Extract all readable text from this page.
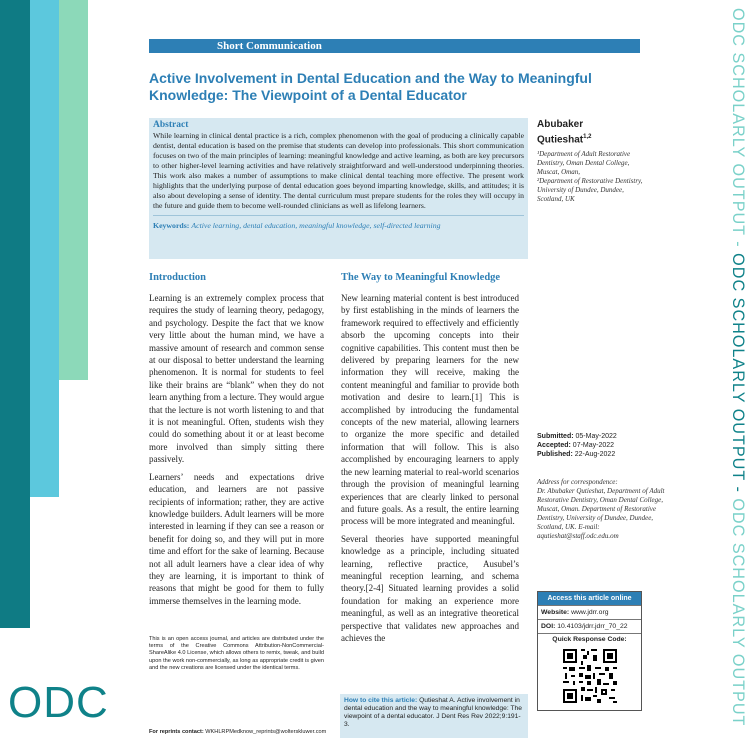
ODC
ODC SCHOLARLY OUTPUT - ODC SCHOLARLY OUTPUT - ODC SCHOLARLY OUTPUT
Short Communication
Active Involvement in Dental Education and the Way to Meaningful Knowledge: The Viewpoint of a Dental Educator
Abstract

While learning in clinical dental practice is a rich, complex phenomenon with the goal of producing a clinically capable dentist, dental education is based on the premise that students can develop into professionals. This short communication focuses on two of the main principles of learning: meaningful knowledge and active learning, as both are key precursors to other higher-level learning activities and have relatively straightforward and well-understood underpinning theories. This work also makes a number of assumptions to make clinical dental teaching more effective. The present work highlights that the underlying purpose of dental education goes beyond imparting knowledge, skills, and attitudes; it is also about developing a sense of identity. The dental curriculum must prepare students for the roles they will occupy in the future and guide them to become well-rounded clinicians as well as lifelong learners.

Keywords: Active learning, dental education, meaningful knowledge, self-directed learning
Abubaker
Qutieshat$^{1,2}$

¹Department of Adult Restorative Dentistry, Oman Dental College, Muscat, Oman,

²Department of Restorative Dentistry, University of Dundee, Dundee, Scotland, UK

Introduction

Learning is an extremely complex process that requires the study of learning theory, pedagogy, and psychology. Despite the fact that we know very little about the human mind, we have a massive amount of research and common sense at our disposal to better understand the learning phenomenon. It is normal for students to feel like their brains are “blank” when they do not learn anything from a lecture. They would argue that the lecture is not worth listening to and that it is not meaningful. Often, students wish they could do something about it or at least become more involved than simply sitting there passively.

Learners’ needs and expectations drive education, and learners are not passive recipients of information; rather, they are active knowledge builders. Adult learners will be more interested in learning if they can see a reason or benefit for doing so, and they will put in more time and effort for the sake of learning. Because not all adult learners have a clear idea of why they are learning, it is important to think of reasons that might be good for them to fully immerse themselves in the learning mode.

The Way to Meaningful Knowledge

New learning material content is best introduced by first establishing in the minds of learners the framework required to effectively and efficiently absorb the upcoming concepts into their cognitive capabilities. This content must then be delivered by preparing learners for the new information they will receive, making the content meaningful and familiar to provide both motivation and desire to learn.[1] This is accomplished by introducing the fundamental concepts of the new material, allowing learners to organize the more specific and detailed information that will follow. This is also accomplished by encouraging learners to apply the new learning material to real-world scenarios through the provision of meaningful learning experiences that are clearly linked to personal and future goals. As a result, the entire learning process will be more integrated and meaningful.

Several theories have supported meaningful knowledge as a principle, including situated learning, reflective practice, Ausubel’s meaningful reception learning, and schema theory.[2-4] Situated learning provides a solid foundation for making an experience more meaningful, as well as an integrative theoretical perspective that validates new approaches and achieves the

Submitted: 05-May-2022
Accepted: 07-May-2022
Published: 22-Aug-2022

Address for correspondence:

Dr. Abubaker Qutieshat, Department of Adult Restorative Dentistry, Oman Dental College, Muscat, Oman. Department of Restorative Dentistry, University of Dundee, Dundee, Scotland, UK. E-mail: aqutieshat@staff.odc.edu.om

Access this article online
Website: www.jdrr.org
DOI: 10.4103/jdrr.jdrr_70_22
Quick Response Code:
This is an open access journal, and articles are distributed under the terms of the Creative Commons Attribution-NonCommercial-ShareAlike 4.0 License, which allows others to remix, tweak, and build upon the work non-commercially, as long as appropriate credit is given and the new creations are licensed under the identical terms.
For reprints contact: WKHLRPMedknow_reprints@wolterskluwer.com
How to cite this article: Qutieshat A. Active involvement in dental education and the way to meaningful knowledge: The viewpoint of a dental educator. J Dent Res Rev 2022;9:191-3.
